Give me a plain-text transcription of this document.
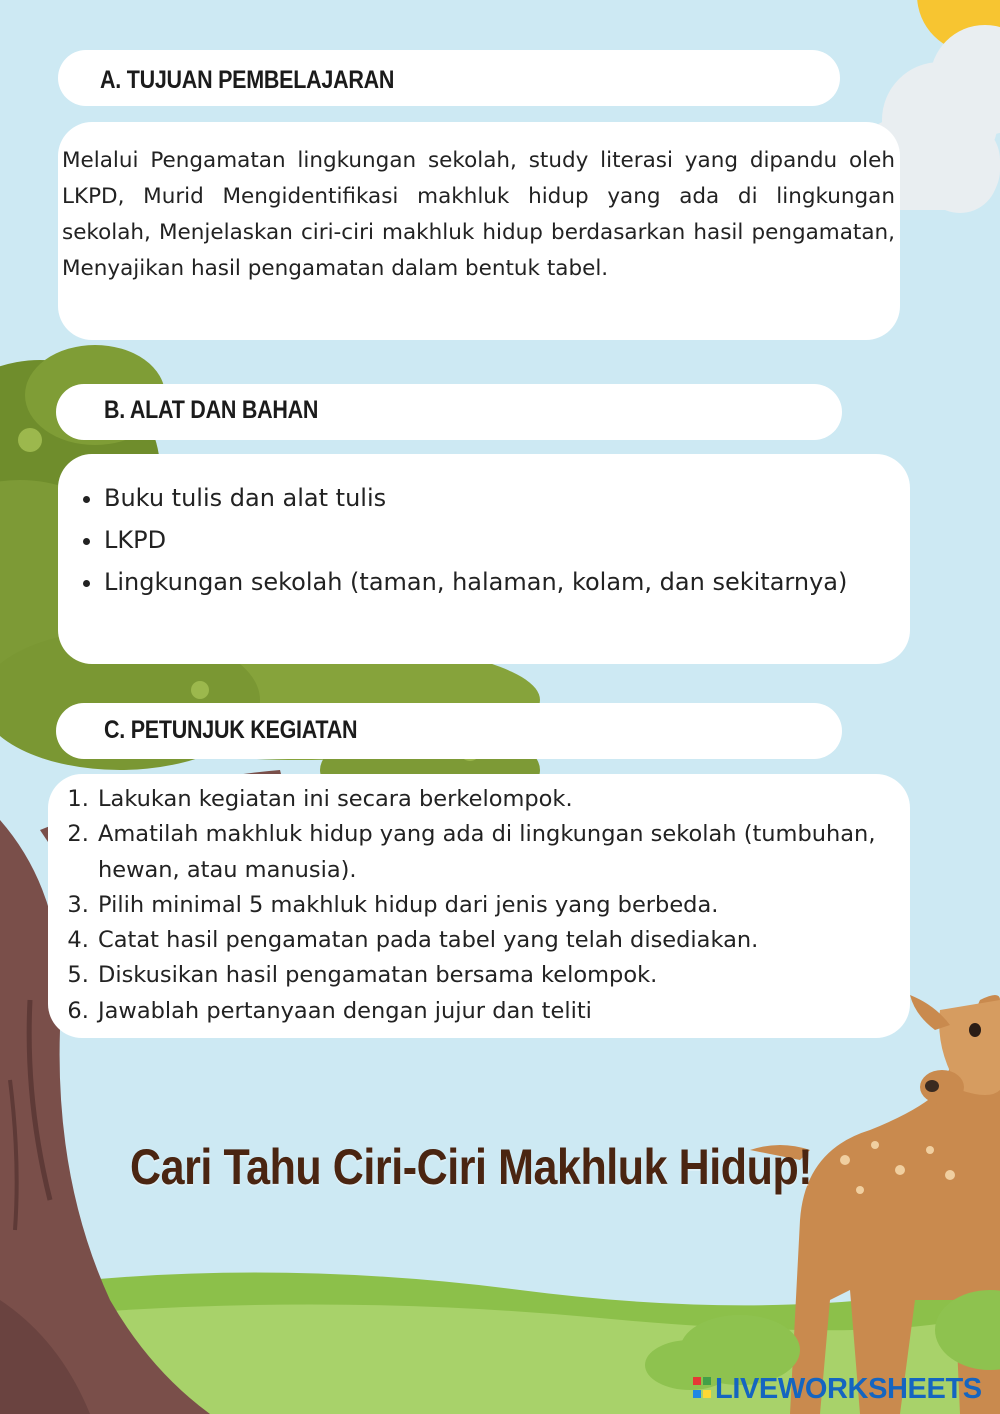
A. TUJUAN PEMBELAJARAN

Melalui Pengamatan lingkungan sekolah, study literasi yang dipandu oleh LKPD, Murid Mengidentifikasi makhluk hidup yang ada di lingkungan sekolah, Menjelaskan ciri-ciri makhluk hidup berdasarkan hasil pengamatan, Menyajikan hasil pengamatan dalam bentuk tabel.

B. ALAT DAN BAHAN
• Buku tulis dan alat tulis
• LKPD
• Lingkungan sekolah (taman, halaman, kolam, dan sekitarnya)
C. PETUNJUK KEGIATAN
1. Lakukan kegiatan ini secara berkelompok.
2. Amatilah makhluk hidup yang ada di lingkungan sekolah (tumbuhan, hewan, atau manusia).
3. Pilih minimal 5 makhluk hidup dari jenis yang berbeda.
4. Catat hasil pengamatan pada tabel yang telah disediakan.
5. Diskusikan hasil pengamatan bersama kelompok.
6. Jawablah pertanyaan dengan jujur dan teliti
Cari Tahu Ciri-Ciri Makhluk Hidup!
LIVEWORKSHEETS
